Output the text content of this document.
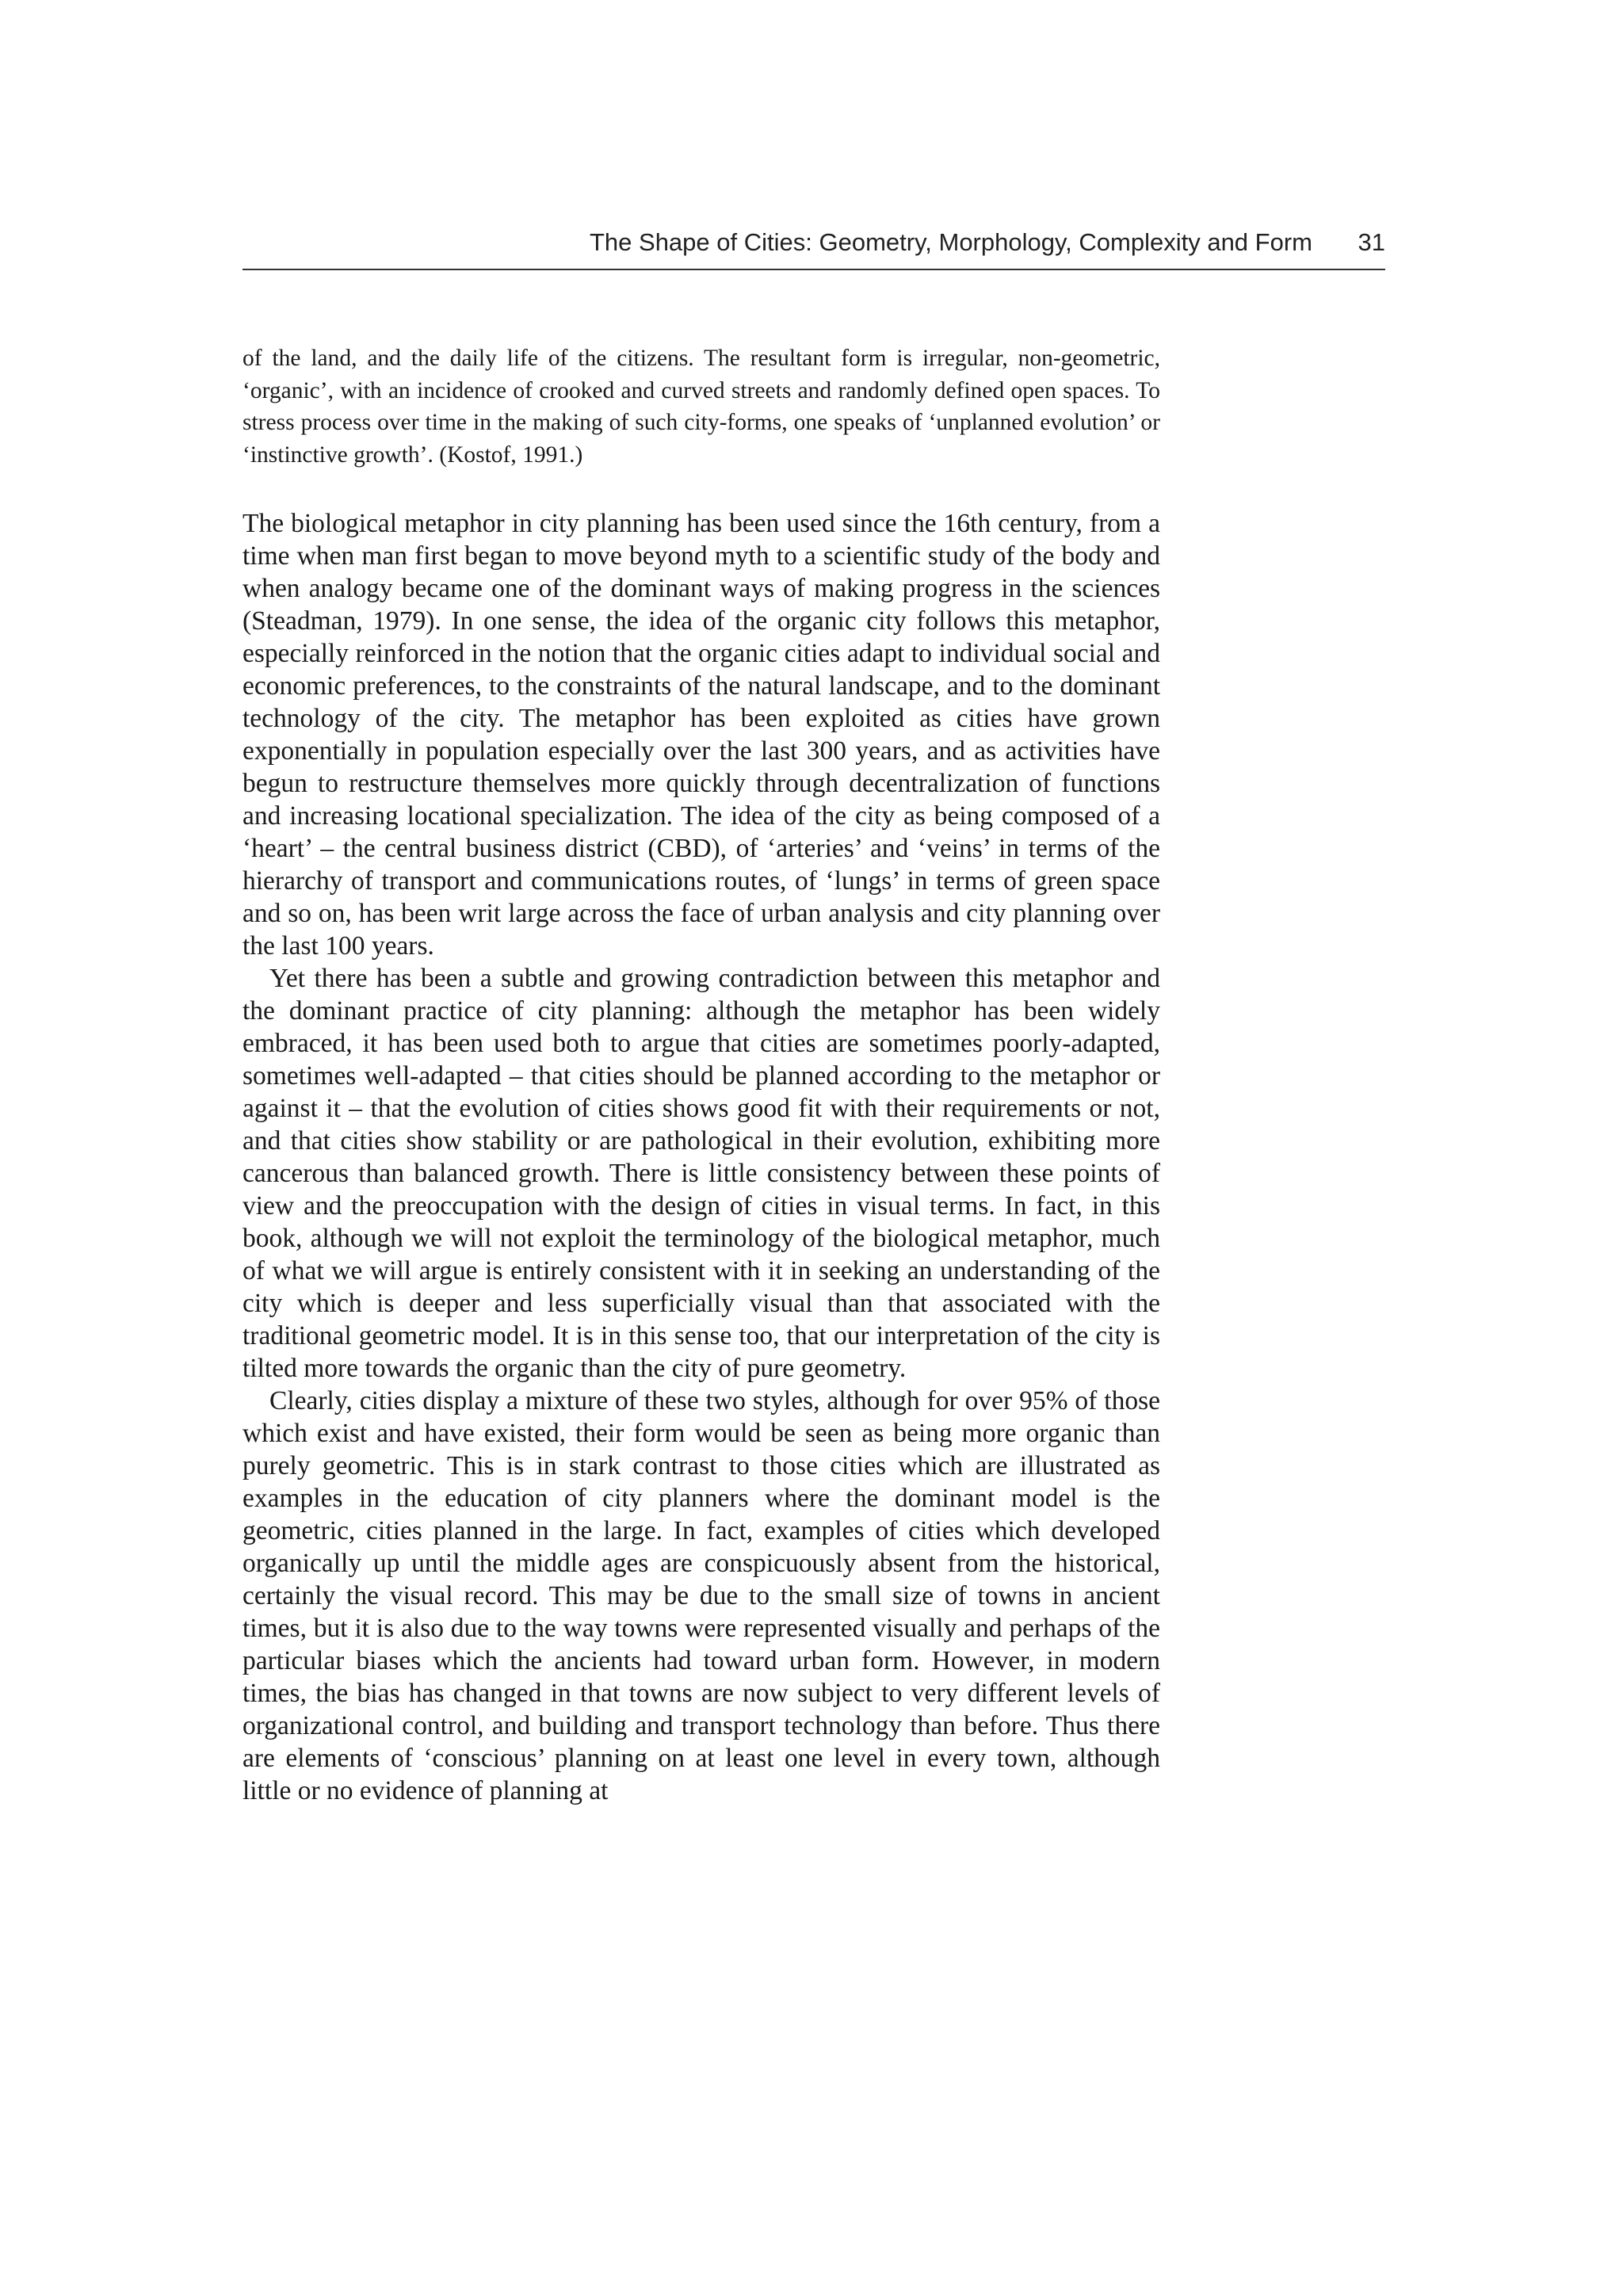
The Shape of Cities: Geometry, Morphology, Complexity and Form 31

of the land, and the daily life of the citizens. The resultant form is irregular, non-geometric, ‘organic’, with an incidence of crooked and curved streets and randomly defined open spaces. To stress process over time in the making of such city-forms, one speaks of ‘unplanned evolution’ or ‘instinctive growth’. (Kostof, 1991.)

The biological metaphor in city planning has been used since the 16th century, from a time when man first began to move beyond myth to a scientific study of the body and when analogy became one of the dominant ways of making progress in the sciences (Steadman, 1979). In one sense, the idea of the organic city follows this metaphor, especially reinforced in the notion that the organic cities adapt to individual social and economic preferences, to the constraints of the natural landscape, and to the dominant technology of the city. The metaphor has been exploited as cities have grown exponentially in population especially over the last 300 years, and as activities have begun to restructure themselves more quickly through decentralization of functions and increasing locational specialization. The idea of the city as being composed of a ‘heart’ – the central business district (CBD), of ‘arteries’ and ‘veins’ in terms of the hierarchy of transport and communications routes, of ‘lungs’ in terms of green space and so on, has been writ large across the face of urban analysis and city planning over the last 100 years.

Yet there has been a subtle and growing contradiction between this metaphor and the dominant practice of city planning: although the metaphor has been widely embraced, it has been used both to argue that cities are sometimes poorly-adapted, sometimes well-adapted – that cities should be planned according to the metaphor or against it – that the evolution of cities shows good fit with their requirements or not, and that cities show stability or are pathological in their evolution, exhibiting more cancerous than balanced growth. There is little consistency between these points of view and the preoccupation with the design of cities in visual terms. In fact, in this book, although we will not exploit the terminology of the biological metaphor, much of what we will argue is entirely consistent with it in seeking an understanding of the city which is deeper and less superficially visual than that associated with the traditional geometric model. It is in this sense too, that our interpretation of the city is tilted more towards the organic than the city of pure geometry.

Clearly, cities display a mixture of these two styles, although for over 95% of those which exist and have existed, their form would be seen as being more organic than purely geometric. This is in stark contrast to those cities which are illustrated as examples in the education of city planners where the dominant model is the geometric, cities planned in the large. In fact, examples of cities which developed organically up until the middle ages are conspicuously absent from the historical, certainly the visual record. This may be due to the small size of towns in ancient times, but it is also due to the way towns were represented visually and perhaps of the particular biases which the ancients had toward urban form. However, in modern times, the bias has changed in that towns are now subject to very different levels of organizational control, and building and transport technology than before. Thus there are elements of ‘conscious’ planning on at least one level in every town, although little or no evidence of planning at
